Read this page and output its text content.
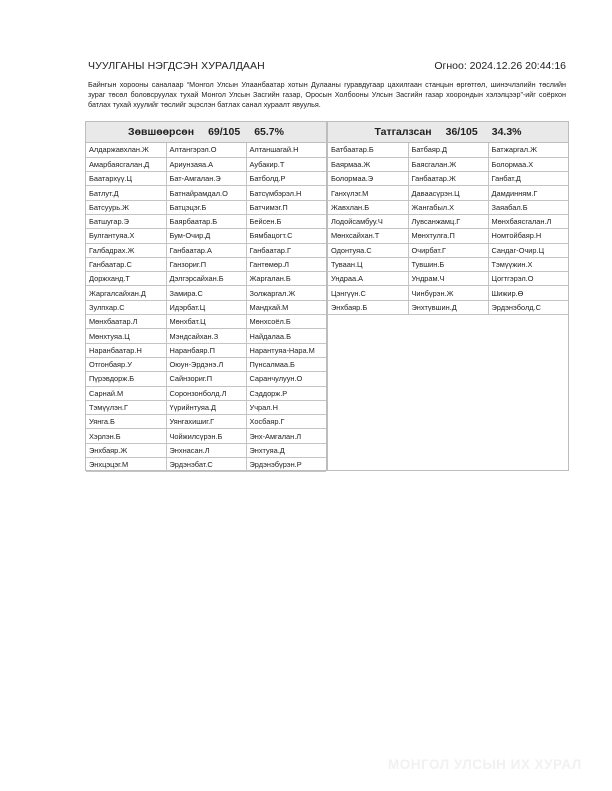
ЧУУЛГАНЫ НЭГДСЭН ХУРАЛДААН	Огноо: 2024.12.26 20:44:16
Байнгын хорооны саналаар “Монгол Улсын Улаанбаатар хотын Дулааны гуравдугаар цахилгаан станцын өргөтгөл, шинэчлэлийн төслийн зураг төсөл боловсруулах тухай Монгол Улсын Засгийн газар, Оросын Холбооны Улсын Засгийн газар хоорондын хэлэлцээр”-ийг соёрхон батлах тухай хуулийг төслийг эцэслэн батлах санал хураалт явуулья.
Зөвшөөрсөн 69/105 65.7%
Алдаржавхлан.Ж	Алтангэрэл.О	Алтаншагай.Н
Амарбаясгалан.Д	Ариунзаяа.А	Аубакир.Т
Баатархүү.Ц	Бат-Амгалан.Э	Батболд.Р
Батлут.Д	Батнайрамдал.О	Батсүмбэрэл.Н
Батсуурь.Ж	Батцэцэг.Б	Батчимэг.П
Батшугар.Э	Баярбаатар.Б	Бейсен.Б
Булгантуяа.Х	Бум-Очир.Д	Бямбацогт.С
Галбадрах.Ж	Ганбаатар.А	Ганбаатар.Г
Ганбаатар.С	Ганзориг.П	Гантөмөр.Л
Доржханд.Т	Дэлгэрсайхан.Б	Жаргалан.Б
Жаргалсайхан.Д	Замира.С	Золжаргал.Ж
Зулпхар.С	Идэрбат.Ц	Мандхай.М
Мөнхбаатар.Л	Мөнхбат.Ц	Мөнхсоёл.Б
Мөнхтуяа.Ц	Мэндсайхан.З	Найдалаа.Б
Наранбаатар.Н	Наранбаяр.П	Нарантуяа-Нара.М
Отгонбаяр.У	Оюун-Эрдэнэ.Л	Пүнсалмаа.Б
Пүрэвдорж.Б	Сайнзориг.П	Саранчулуун.О
Сарнай.М	Соронзонболд.Л	Сэддорж.Р
Тэмүүлэн.Г	Үүрийнтуяа.Д	Учрал.Н
Уянга.Б	Уянгахишиг.Г	Хосбаяр.Г
Хэрлэн.Б	Чойжилсүрэн.Б	Энх-Амгалан.Л
Энхбаяр.Ж	Энхнасан.Л	Энхтуяа.Д
Энхцэцэг.М	Эрдэнэбат.С	Эрдэнэбүрэн.Р
Татгалзсан 36/105 34.3%
Батбаатар.Б	Батбаяр.Д	Батжаргал.Ж
Баярмаа.Ж	Баясгалан.Ж	Болормаа.Х
Болормаа.Э	Ганбаатар.Ж	Ганбат.Д
Ганхүлэг.М	Даваасүрэн.Ц	Дамдинням.Г
Жавхлан.Б	Жангабыл.Х	Заяабал.Б
Лодойсамбуу.Ч	Лувсанжамц.Г	Мөнхбаясгалан.Л
Мөнхсайхан.Т	Мөнхтулга.П	Номтойбаяр.Н
Одонтуяа.С	Очирбат.Г	Сандаг-Очир.Ц
Туваан.Ц	Тувшин.Б	Тэмүүжин.Х
Ундраа.А	Ундрам.Ч	Цогтгэрэл.О
Цэнгүүн.С	Чинбүрэн.Ж	Шижир.Ө
Энхбаяр.Б	Энхтүвшин.Д	Эрдэнэболд.С
МОНГОЛ УЛСЫН ИХ ХУРАЛ
